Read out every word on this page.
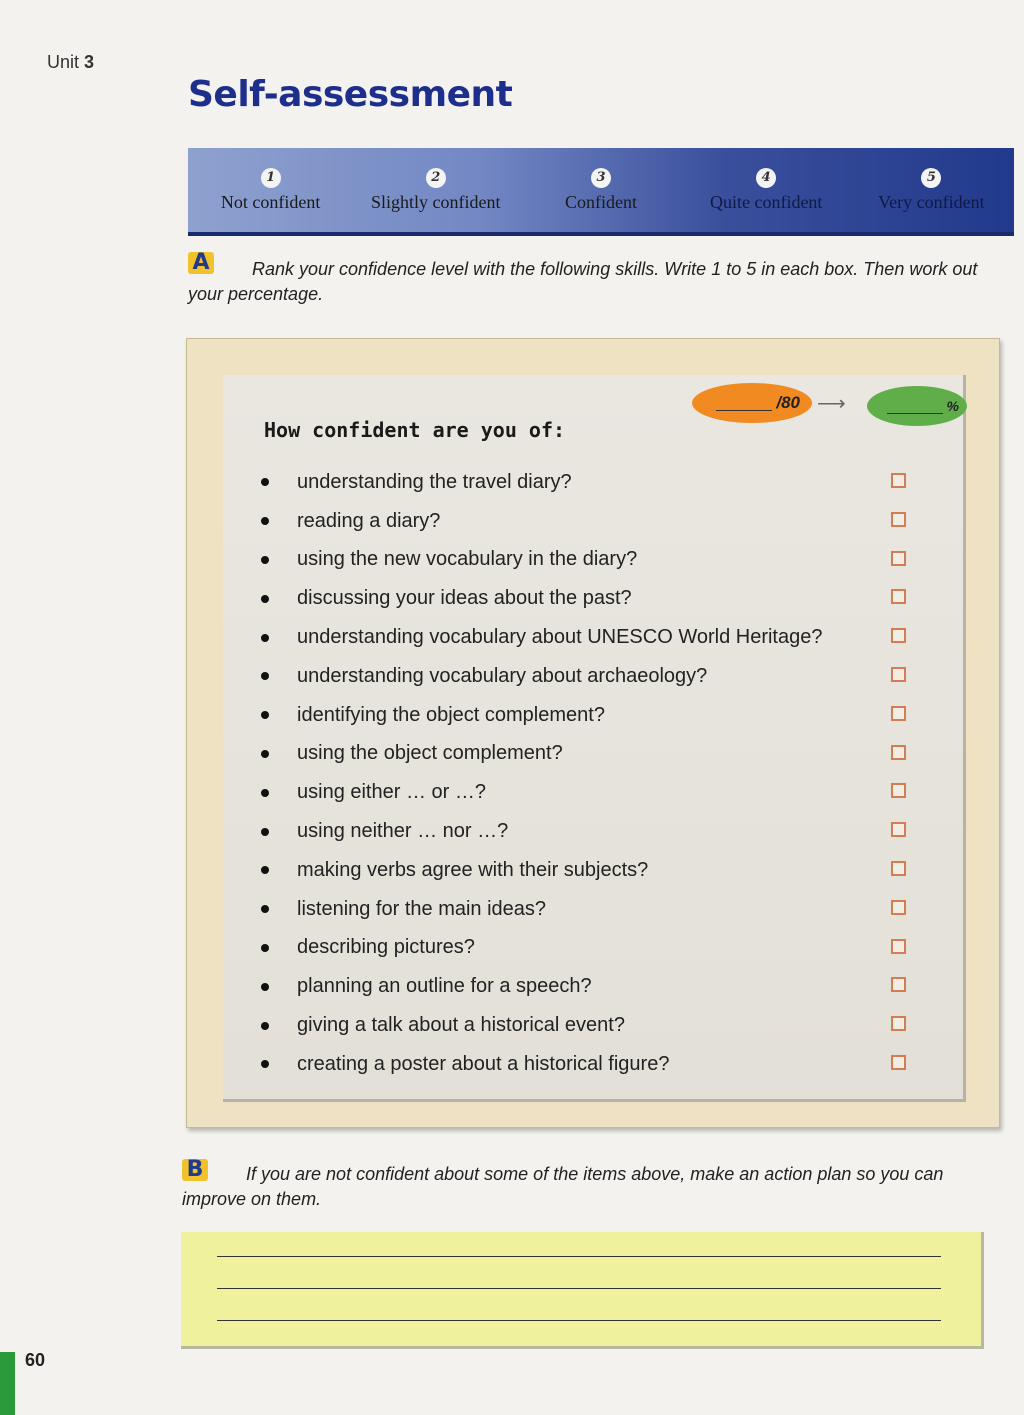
Unit 3
Self-assessment
1
Not confident
2
Slightly confident
3
Confident
4
Quite confident
5
Very confident
A	Rank your confidence level with the following skills. Write 1 to 5 in each box. Then work out your percentage.

How confident are you of:
/80 ⟶	%
understanding the travel diary?
reading a diary?
using the new vocabulary in the diary?
discussing your ideas about the past?
understanding vocabulary about UNESCO World Heritage?
understanding vocabulary about archaeology?
identifying the object complement?
using the object complement?
using either … or …?
using neither … nor …?
making verbs agree with their subjects?
listening for the main ideas?
describing pictures?
planning an outline for a speech?
giving a talk about a historical event?
creating a poster about a historical figure?
B	If you are not confident about some of the items above, make an action plan so you can improve on them.

60
